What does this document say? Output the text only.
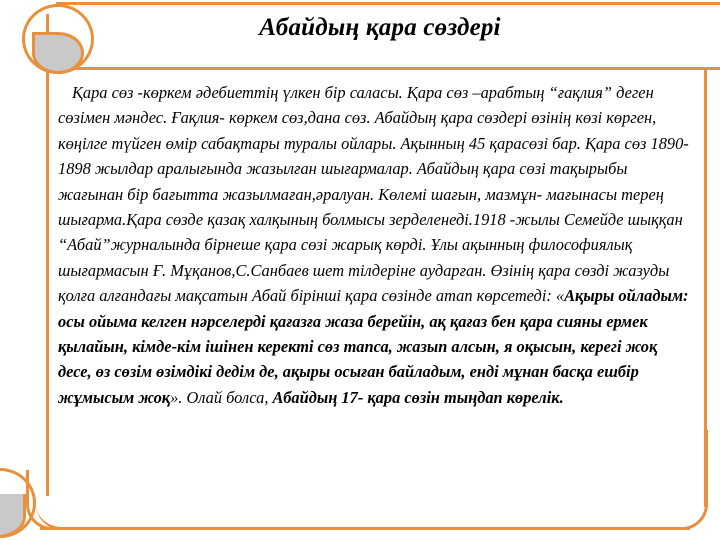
Абайдың қара сөздері
Қара сөз -көркем әдебиеттің үлкен бір саласы. Қара сөз –арабтың “ғақлия” деген сөзімен мәндес. Ғақлия- көркем сөз,дана сөз. Абайдың қара сөздері өзінің көзі көрген, көңілге түйген өмір сабақтары туралы ойлары. Ақынның 45 қарасөзі бар. Қара сөз 1890-1898 жылдар аралығында жазылған шығармалар. Абайдың қара сөзі тақырыбы жағынан бір бағытта жазылмаған,әралуан. Көлемі шағын, мазмұн- мағынасы терең шығарма.Қара сөзде қазақ халқының болмысы зерделенеді.1918 -жылы Семейде шыққан “Абай”журналында бірнеше қара сөзі жарық көрді. Ұлы ақынның философиялық шығармасын Ғ. Мұқанов,С.Санбаев шет тілдеріне аударған. Өзінің қара сөзді жазуды қолға алғандағы мақсатын Абай бірінші қара сөзінде атап көрсетеді: «Ақыры ойладым: осы ойыма келген нәрселерді қағазға жаза берейін, ақ қағаз бен қара сияны ермек қылайын, кімде-кім ішінен керекті сөз тапса, жазып алсын, я оқысын, керегі жоқ десе, өз сөзім өзімдікі дедім де, ақыры осыған байладым, енді мұнан басқа ешбір жұмысым жоқ». Олай болса, Абайдың 17- қара сөзін тыңдап көрелік.
